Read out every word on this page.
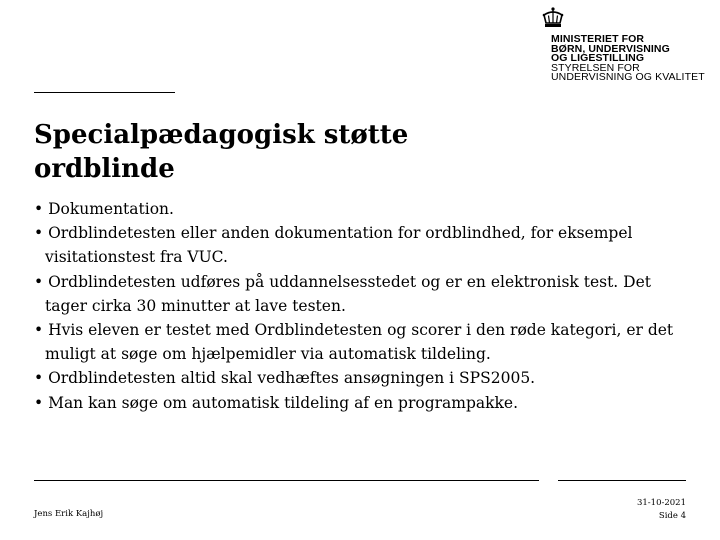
MINISTERIET FOR
BØRN, UNDERVISNING
OG LIGESTILLING
STYRELSEN FOR
UNDERVISNING OG KVALITET
Specialpædagogisk støtte
ordblinde
• Dokumentation.
• Ordblindetesten eller anden dokumentation for ordblindhed, for eksempel visitationstest fra VUC.
• Ordblindetesten udføres på uddannelsesstedet og er en elektronisk test. Det tager cirka 30 minutter at lave testen.
• Hvis eleven er testet med Ordblindetesten og scorer i den røde kategori, er det muligt at søge om hjælpemidler via automatisk tildeling.
• Ordblindetesten altid skal vedhæftes ansøgningen i SPS2005.
• Man kan søge om automatisk tildeling af en programpakke.
Jens Erik Kajhøj
31-10-2021
Side 4
